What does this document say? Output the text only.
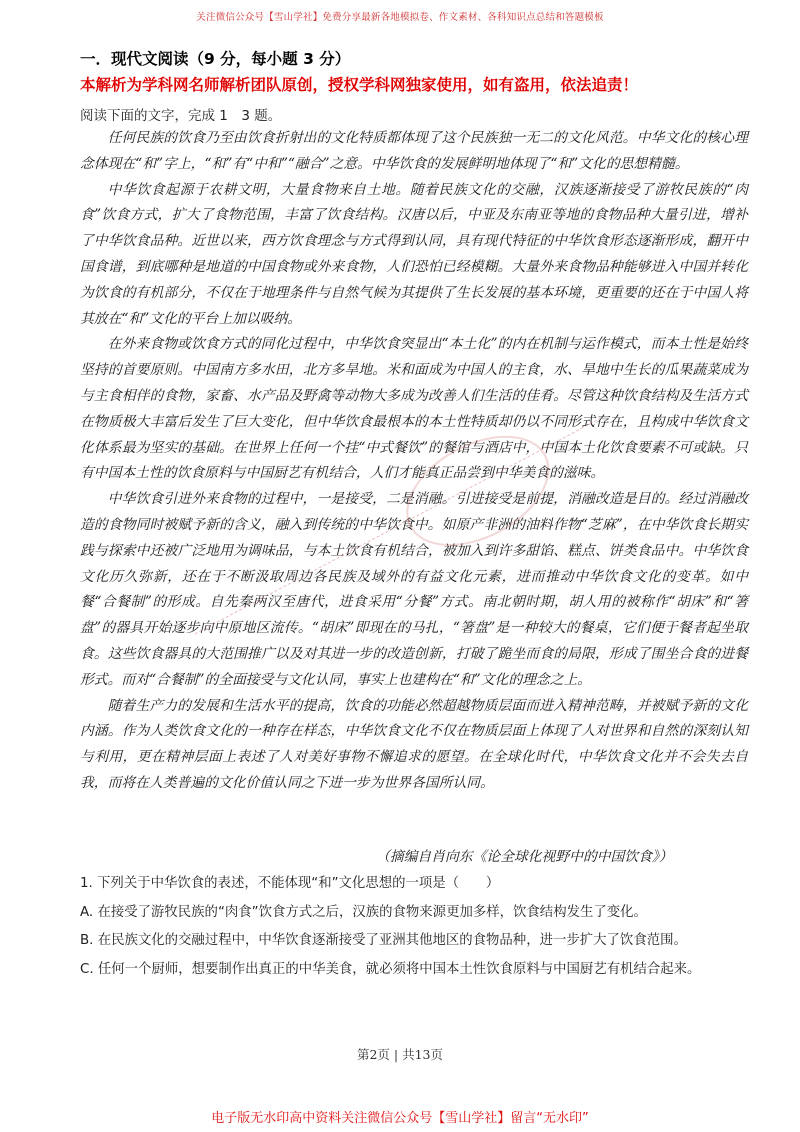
关注微信公众号【雪山学社】免费分享最新各地模拟卷、作文素材、各科知识点总结和答题模板
一．现代文阅读（9 分，每小题 3 分）
本解析为学科网名师解析团队原创，授权学科网独家使用，如有盗用，依法追责！
阅读下面的文字，完成 1　3 题。

任何民族的饮食乃至由饮食折射出的文化特质都体现了这个民族独一无二的文化风范。中华文化的核心理念体现在“和”字上，“和”有“中和”“融合”之意。中华饮食的发展鲜明地体现了“和”文化的思想精髓。

中华饮食起源于农耕文明，大量食物来自土地。随着民族文化的交融，汉族逐渐接受了游牧民族的“肉食”饮食方式，扩大了食物范围，丰富了饮食结构。汉唐以后，中亚及东南亚等地的食物品种大量引进，增补了中华饮食品种。近世以来，西方饮食理念与方式得到认同，具有现代特征的中华饮食形态逐渐形成，翻开中国食谱，到底哪种是地道的中国食物或外来食物，人们恐怕已经模糊。大量外来食物品种能够进入中国并转化为饮食的有机部分，不仅在于地理条件与自然气候为其提供了生长发展的基本环境，更重要的还在于中国人将其放在“和”文化的平台上加以吸纳。

在外来食物或饮食方式的同化过程中，中华饮食突显出“本土化”的内在机制与运作模式，而本土性是始终坚持的首要原则。中国南方多水田，北方多旱地。米和面成为中国人的主食，水、旱地中生长的瓜果蔬菜成为与主食相伴的食物，家畜、水产品及野禽等动物大多成为改善人们生活的佳肴。尽管这种饮食结构及生活方式在物质极大丰富后发生了巨大变化，但中华饮食最根本的本土性特质却仍以不同形式存在，且构成中华饮食文化体系最为坚实的基础。在世界上任何一个挂“中式餐饮”的餐馆与酒店中，中国本土化饮食要素不可或缺。只有中国本土性的饮食原料与中国厨艺有机结合，人们才能真正品尝到中华美食的滋味。

中华饮食引进外来食物的过程中，一是接受，二是消融。引进接受是前提，消融改造是目的。经过消融改造的食物同时被赋予新的含义，融入到传统的中华饮食中。如原产非洲的油料作物“芝麻”，在中华饮食长期实践与探索中还被广泛地用为调味品，与本土饮食有机结合，被加入到许多甜馅、糕点、饼类食品中。中华饮食文化历久弥新，还在于不断汲取周边各民族及域外的有益文化元素，进而推动中华饮食文化的变革。如中餐“合餐制”的形成。自先秦两汉至唐代，进食采用“分餐”方式。南北朝时期，胡人用的被称作“胡床”和“箸盘”的器具开始逐步向中原地区流传。“胡床”即现在的马扎，“箸盘”是一种较大的餐桌，它们便于餐者起坐取食。这些饮食器具的大范围推广以及对其进一步的改造创新，打破了跪坐而食的局限，形成了围坐合食的进餐形式。而对“合餐制”的全面接受与文化认同，事实上也建构在“和”文化的理念之上。

随着生产力的发展和生活水平的提高，饮食的功能必然超越物质层面而进入精神范畴，并被赋予新的文化内涵。作为人类饮食文化的一种存在样态，中华饮食文化不仅在物质层面上体现了人对世界和自然的深刻认知与利用，更在精神层面上表述了人对美好事物不懈追求的愿望。在全球化时代，中华饮食文化并不会失去自我，而将在人类普遍的文化价值认同之下进一步为世界各国所认同。

（摘编自肖向东《论全球化视野中的中国饮食》）
1. 下列关于中华饮食的表述，不能体现“和”文化思想的一项是（　　）
A. 在接受了游牧民族的“肉食”饮食方式之后，汉族的食物来源更加多样，饮食结构发生了变化。
B. 在民族文化的交融过程中，中华饮食逐渐接受了亚洲其他地区的食物品种，进一步扩大了饮食范围。
C. 任何一个厨师，想要制作出真正的中华美食，就必须将中国本土性饮食原料与中国厨艺有机结合起来。
第2页 | 共13页
电子版无水印高中资料关注微信公众号【雪山学社】留言“无水印”
